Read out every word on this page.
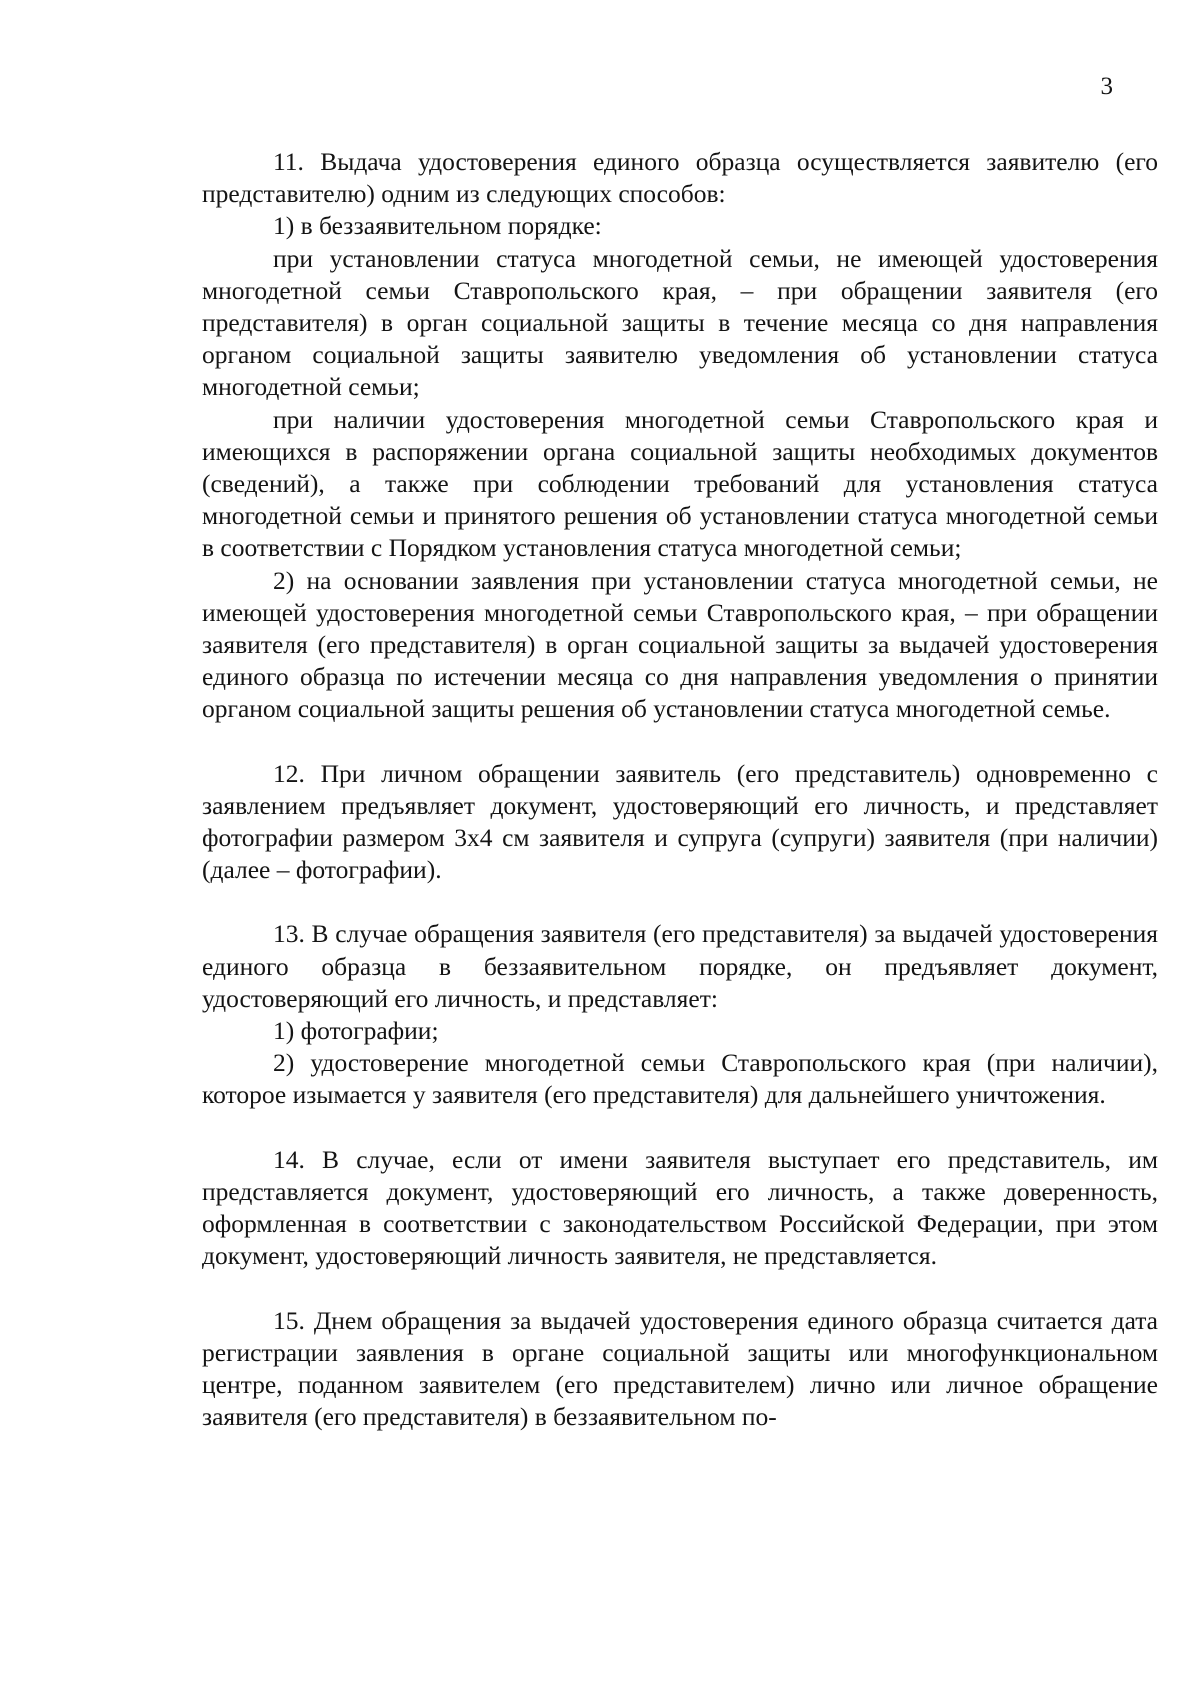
3

11. Выдача удостоверения единого образца осуществляется заявителю (его представителю) одним из следующих способов:

1) в беззаявительном порядке:

при установлении статуса многодетной семьи, не имеющей удостоверения многодетной семьи Ставропольского края, – при обращении заявителя (его представителя) в орган социальной защиты в течение месяца со дня направления органом социальной защиты заявителю уведомления об установлении статуса многодетной семьи;

при наличии удостоверения многодетной семьи Ставропольского края и имеющихся в распоряжении органа социальной защиты необходимых документов (сведений), а также при соблюдении требований для установления статуса многодетной семьи и принятого решения об установлении статуса многодетной семьи в соответствии с Порядком установления статуса многодетной семьи;

2) на основании заявления при установлении статуса многодетной семьи, не имеющей удостоверения многодетной семьи Ставропольского края, – при обращении заявителя (его представителя) в орган социальной защиты за выдачей удостоверения единого образца по истечении месяца со дня направления уведомления о принятии органом социальной защиты решения об установлении статуса многодетной семье.

12. При личном обращении заявитель (его представитель) одновременно с заявлением предъявляет документ, удостоверяющий его личность, и представляет фотографии размером 3х4 см заявителя и супруга (супруги) заявителя (при наличии) (далее – фотографии).

13. В случае обращения заявителя (его представителя) за выдачей удостоверения единого образца в беззаявительном порядке, он предъявляет документ, удостоверяющий его личность, и представляет:

1) фотографии;

2) удостоверение многодетной семьи Ставропольского края (при наличии), которое изымается у заявителя (его представителя) для дальнейшего уничтожения.

14. В случае, если от имени заявителя выступает его представитель, им представляется документ, удостоверяющий его личность, а также доверенность, оформленная в соответствии с законодательством Российской Федерации, при этом документ, удостоверяющий личность заявителя, не представляется.

15. Днем обращения за выдачей удостоверения единого образца считается дата регистрации заявления в органе социальной защиты или многофункциональном центре, поданном заявителем (его представителем) лично или личное обращение заявителя (его представителя) в беззаявительном по-
